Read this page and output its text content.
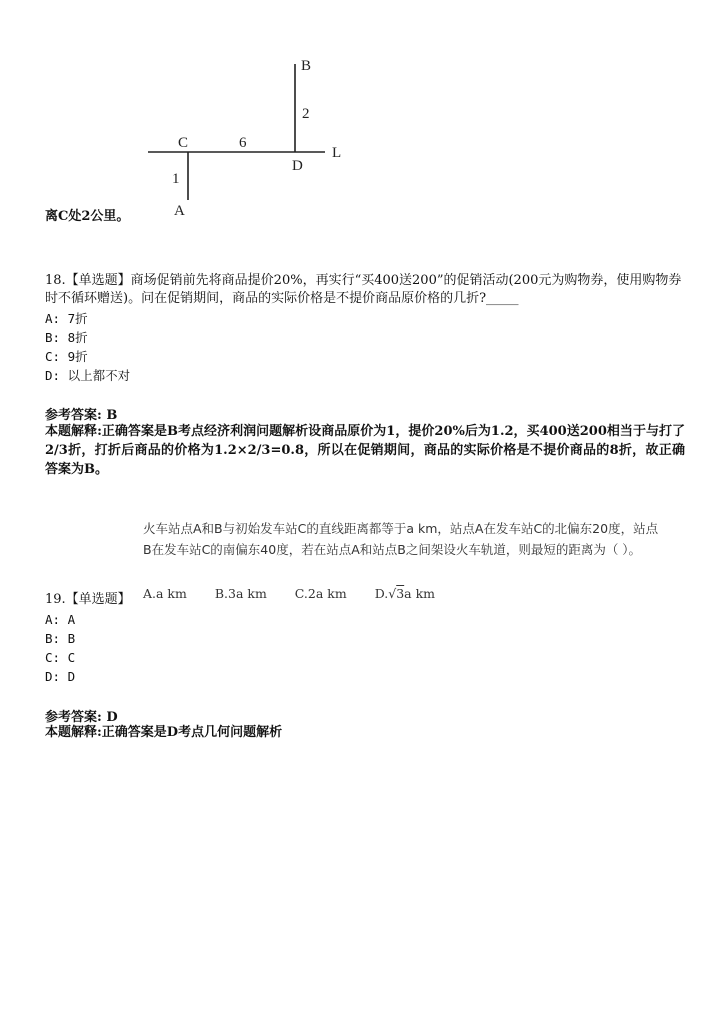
B
2
C	6
D
L
1
A
离C处2公里。
18.【单选题】商场促销前先将商品提价20%，再实行“买400送200”的促销活动(200元为购物券，使用购物券时不循环赠送)。问在促销期间，商品的实际价格是不提价商品原价格的几折?_____
A: 7折
B: 8折
C: 9折
D: 以上都不对
参考答案: B
本题解释:正确答案是B考点经济利润问题解析设商品原价为1，提价20%后为1.2，买400送200相当于与打了2/3折，打折后商品的价格为1.2×2/3=0.8，所以在促销期间，商品的实际价格是不提价商品的8折，故正确答案为B。
火车站点A和B与初始发车站C的直线距离都等于a km，站点A在发车站C的北偏东20度，站点B在发车站C的南偏东40度，若在站点A和站点B之间架设火车轨道，则最短的距离为（ ）。
A.a km B.3a km C.2a km D.√3a km
19.【单选题】
A: A
B: B
C: C
D: D
参考答案: D
本题解释:正确答案是D考点几何问题解析
